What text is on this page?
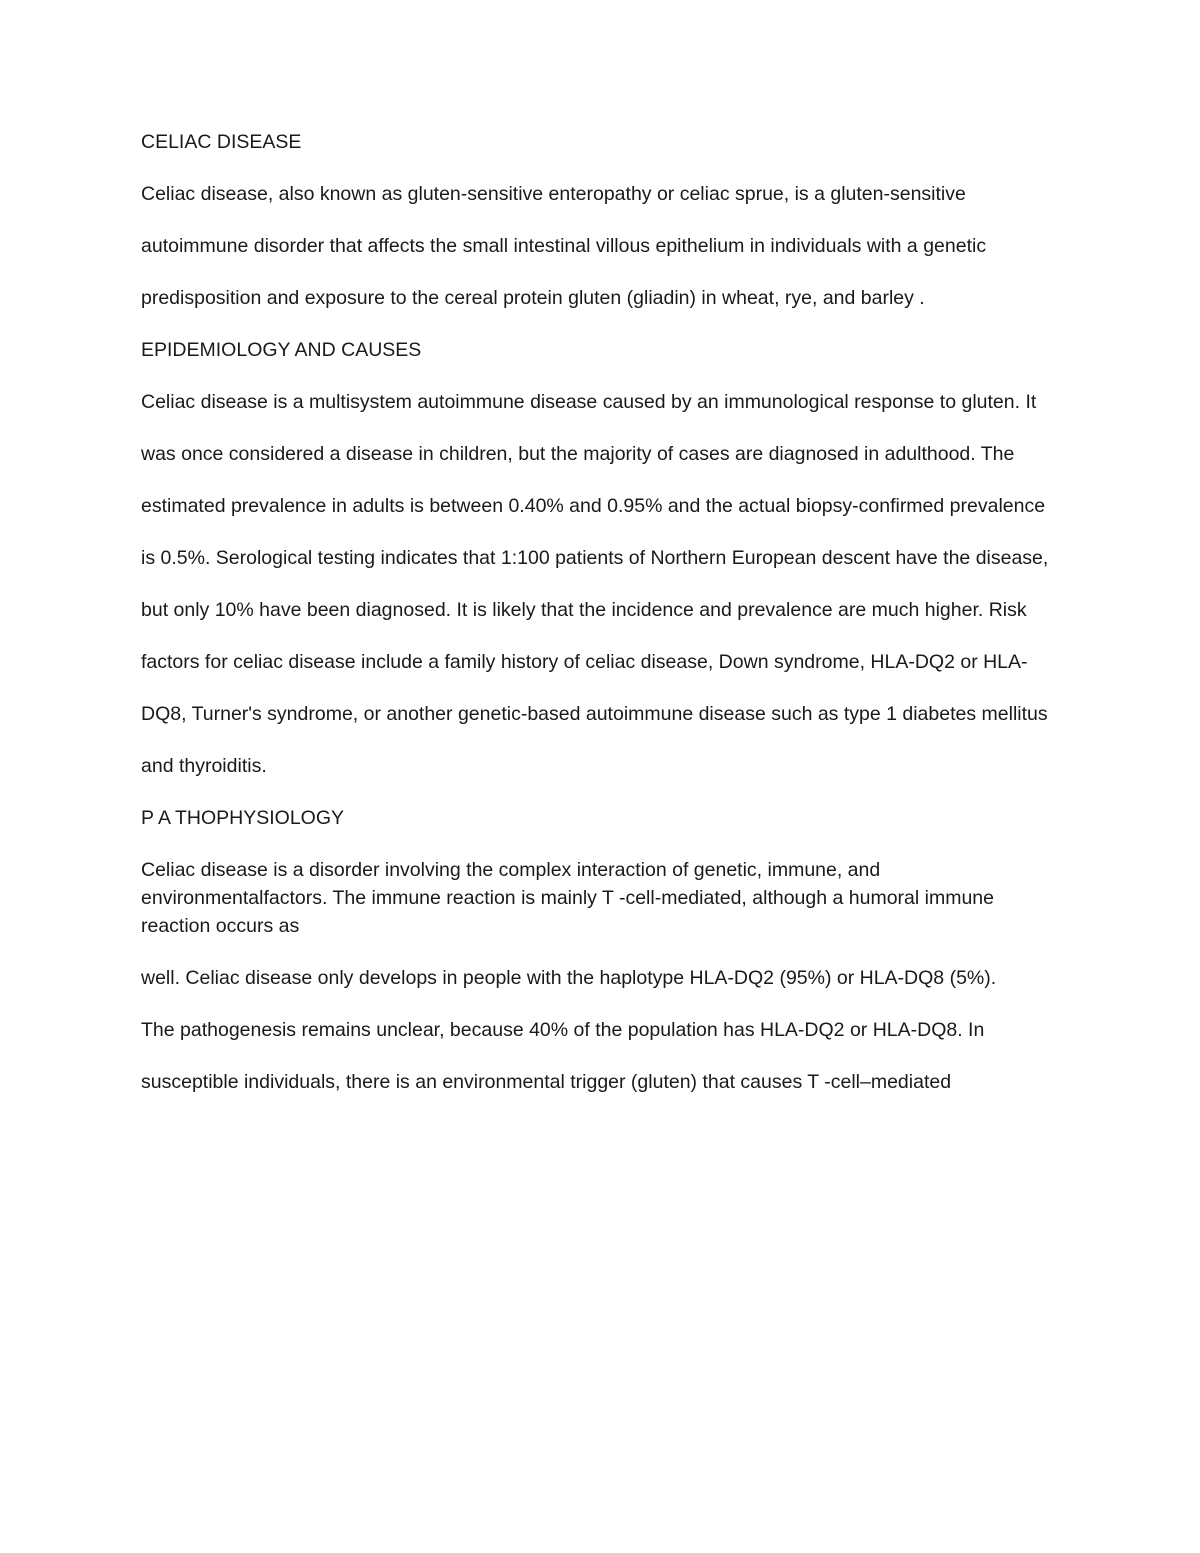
CELIAC DISEASE

Celiac disease, also known as gluten-sensitive enteropathy or celiac sprue, is a gluten-sensitive

autoimmune disorder that affects the small intestinal villous epithelium in individuals with a genetic

predisposition and exposure to the cereal protein gluten (gliadin) in wheat, rye, and barley .

EPIDEMIOLOGY AND CAUSES

Celiac disease is a multisystem autoimmune disease caused by an immunological response to gluten. It

was once considered a disease in children, but the majority of cases are diagnosed in adulthood. The

estimated prevalence in adults is between 0.40% and 0.95% and the actual biopsy-confirmed prevalence

is 0.5%. Serological testing indicates that 1:100 patients of Northern European descent have the disease,

but only 10% have been diagnosed. It is likely that the incidence and prevalence are much higher. Risk

factors for celiac disease include a family history of celiac disease, Down syndrome, HLA-DQ2 or HLA-

DQ8, Turner's syndrome, or another genetic-based autoimmune disease such as type 1 diabetes mellitus

and thyroiditis.

P A THOPHYSIOLOGY

Celiac disease is a disorder involving the complex interaction of genetic, immune, and environmentalfactors. The immune reaction is mainly T -cell-mediated, although a humoral immune reaction occurs as

well. Celiac disease only develops in people with the haplotype HLA-DQ2 (95%) or HLA-DQ8 (5%).

The pathogenesis remains unclear, because 40% of the population has HLA-DQ2 or HLA-DQ8. In

susceptible individuals, there is an environmental trigger (gluten) that causes T -cell–mediated
